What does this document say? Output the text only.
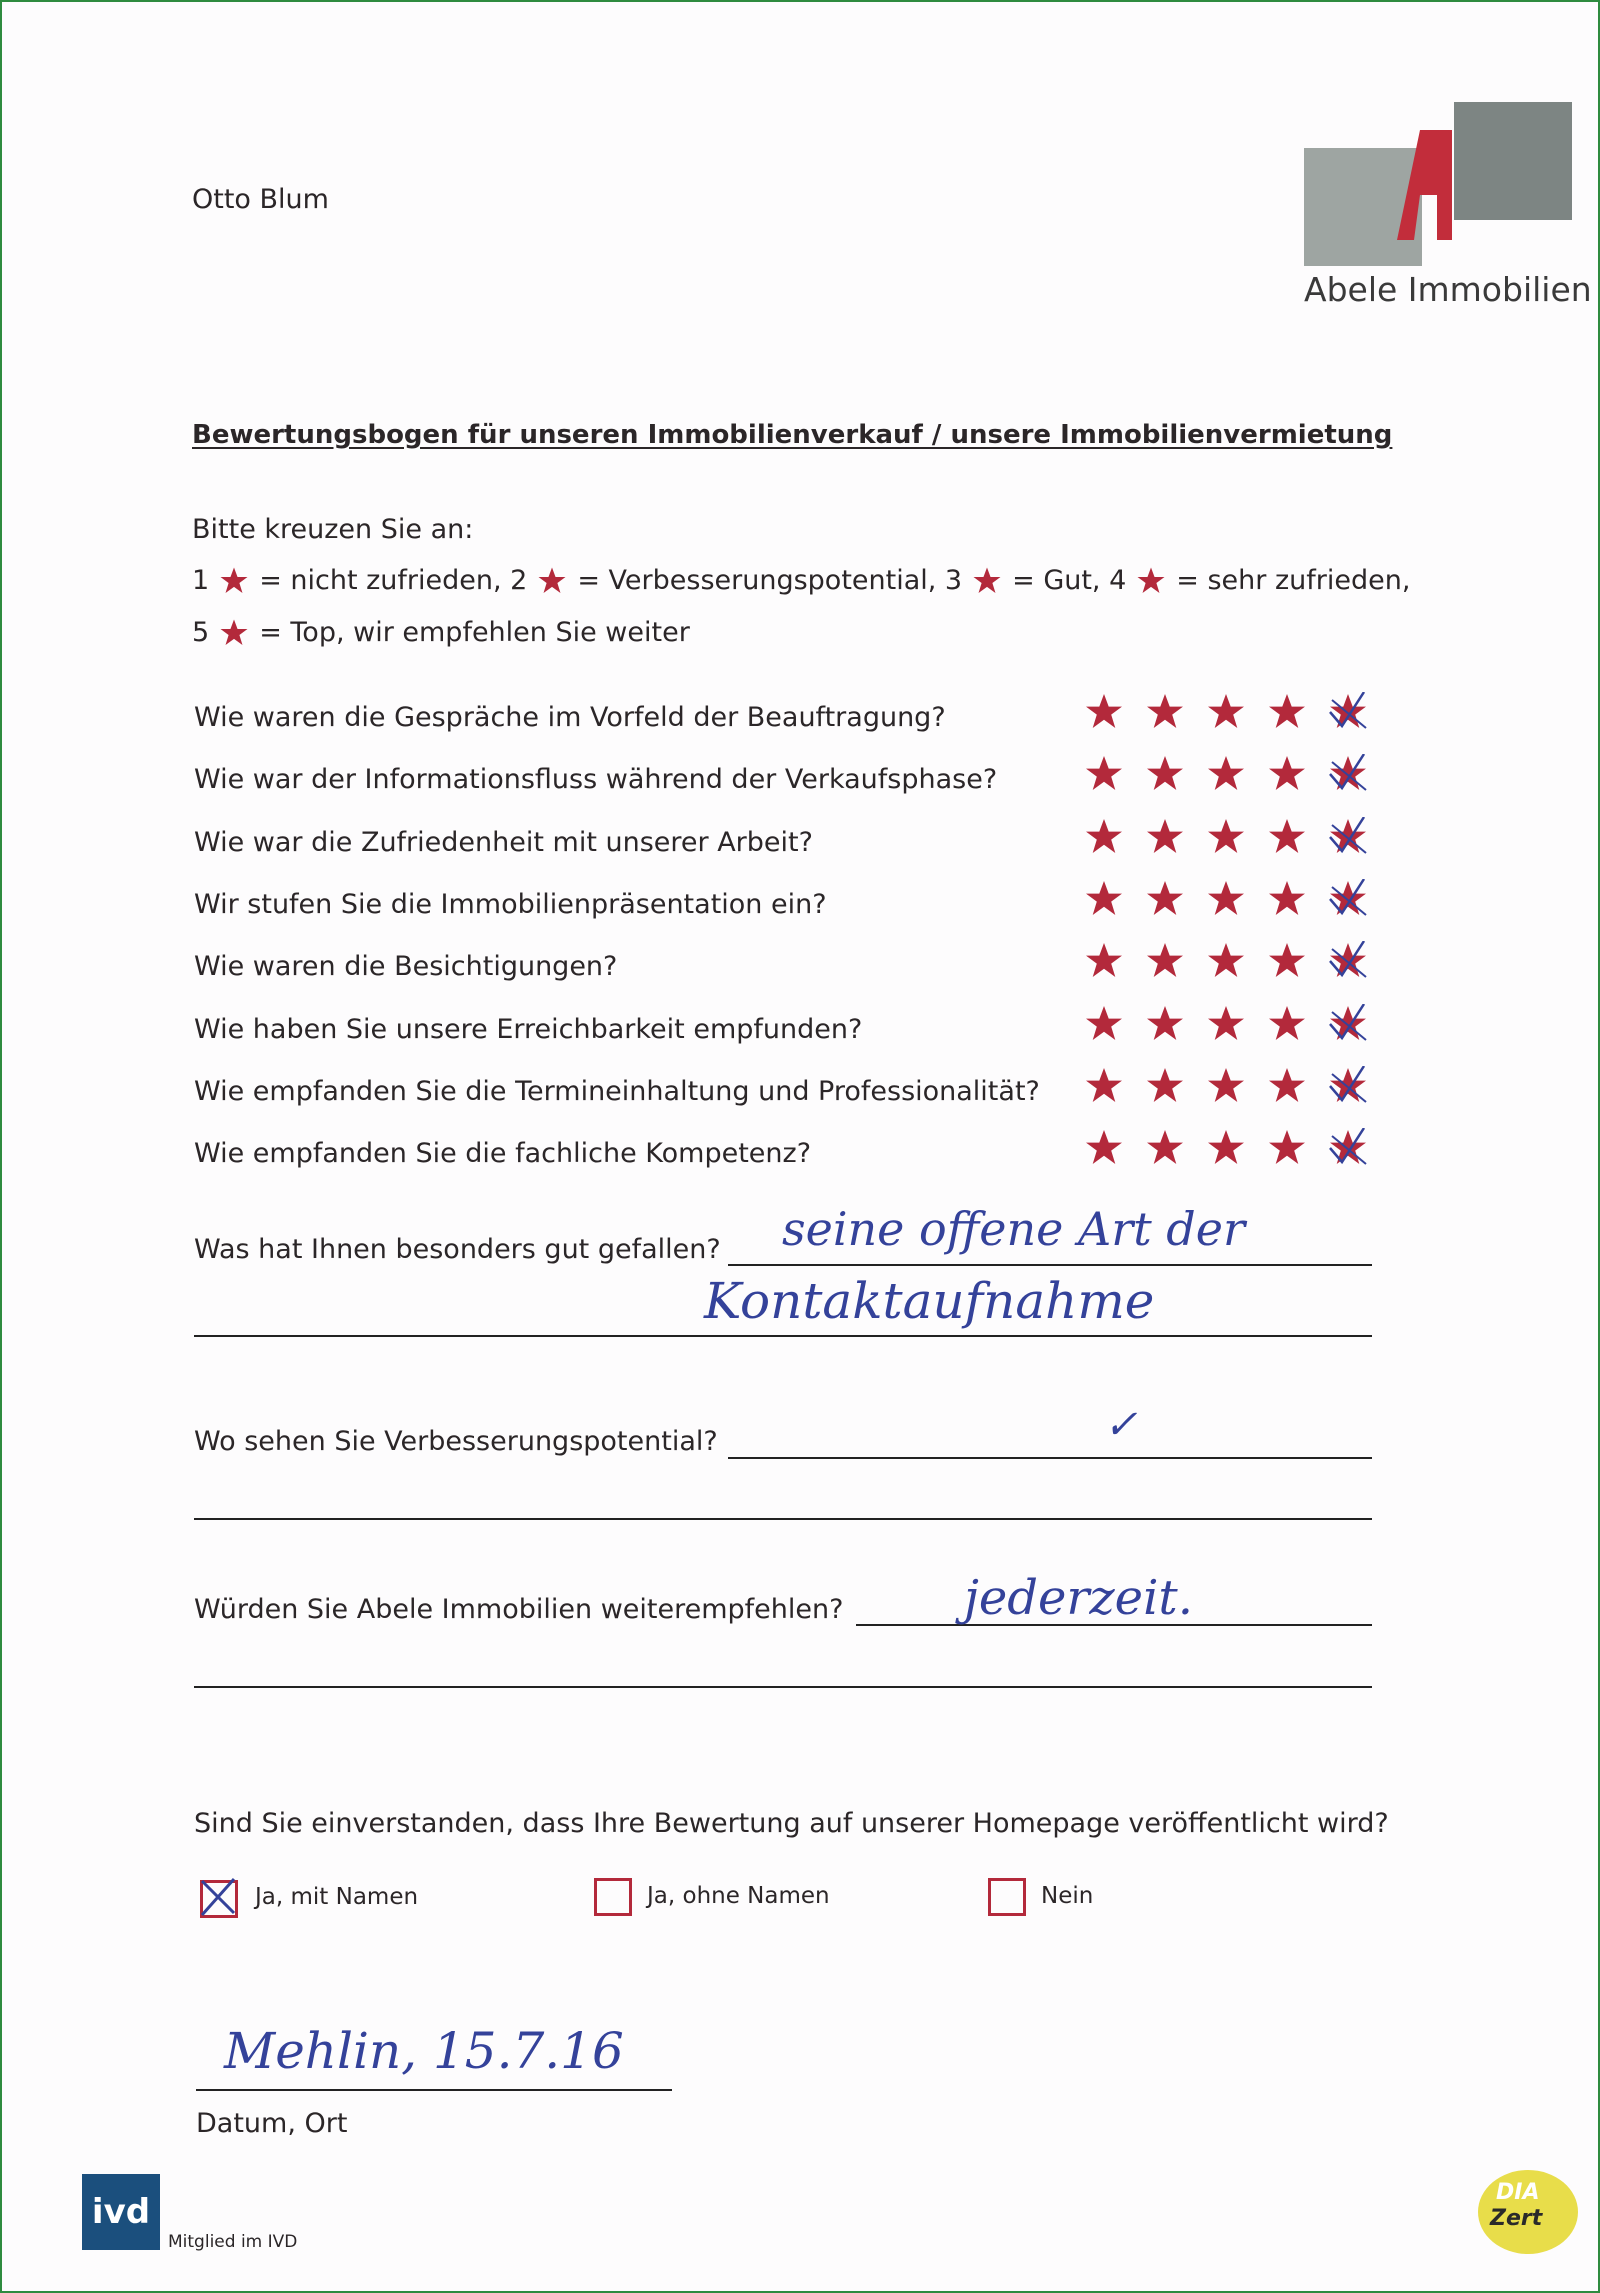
Otto Blum
Abele Immobilien
Bewertungsbogen für unseren Immobilienverkauf / unsere Immobilienvermietung
Bitte kreuzen Sie an:
1 = nicht zufrieden, 2 = Verbesserungspotential, 3 = Gut, 4 = sehr zufrieden,
5 = Top, wir empfehlen Sie weiter
Wie waren die Gespräche im Vorfeld der Beauftragung?
Wie war der Informationsfluss während der Verkaufsphase?
Wie war die Zufriedenheit mit unserer Arbeit?
Wir stufen Sie die Immobilienpräsentation ein?
Wie waren die Besichtigungen?
Wie haben Sie unsere Erreichbarkeit empfunden?
Wie empfanden Sie die Termineinhaltung und Professionalität?
Wie empfanden Sie die fachliche Kompetenz?
Was hat Ihnen besonders gut gefallen? seine offene Art der
Kontaktaufnahme
Wo sehen Sie Verbesserungspotential?	✓
Würden Sie Abele Immobilien weiterempfehlen?	jederzeit.
Sind Sie einverstanden, dass Ihre Bewertung auf unserer Homepage veröffentlicht wird?
Ja, mit Namen	Ja, ohne Namen	Nein
Mehlin, 15.7.16
Datum, Ort
ivd
Mitglied im IVD
DIA
Zert
